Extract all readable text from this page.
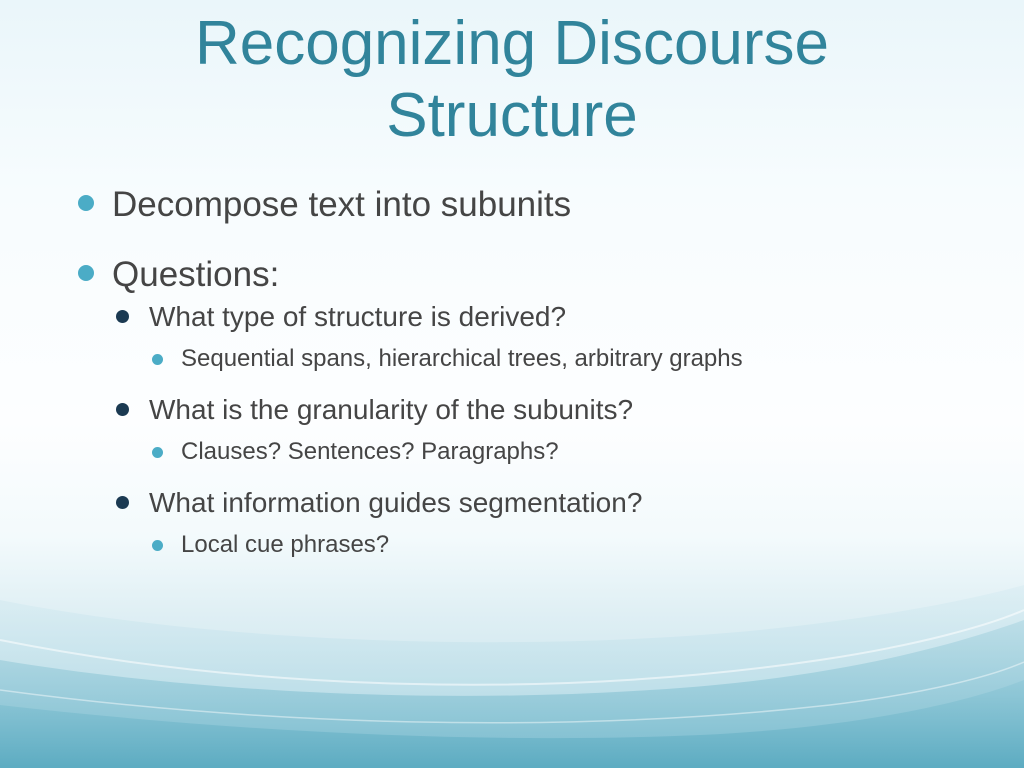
Recognizing Discourse
Structure
Decompose text into subunits
Questions:
What type of structure is derived?
Sequential spans, hierarchical trees, arbitrary graphs
What is the granularity of the subunits?
Clauses? Sentences? Paragraphs?
What information guides segmentation?
Local cue phrases?
